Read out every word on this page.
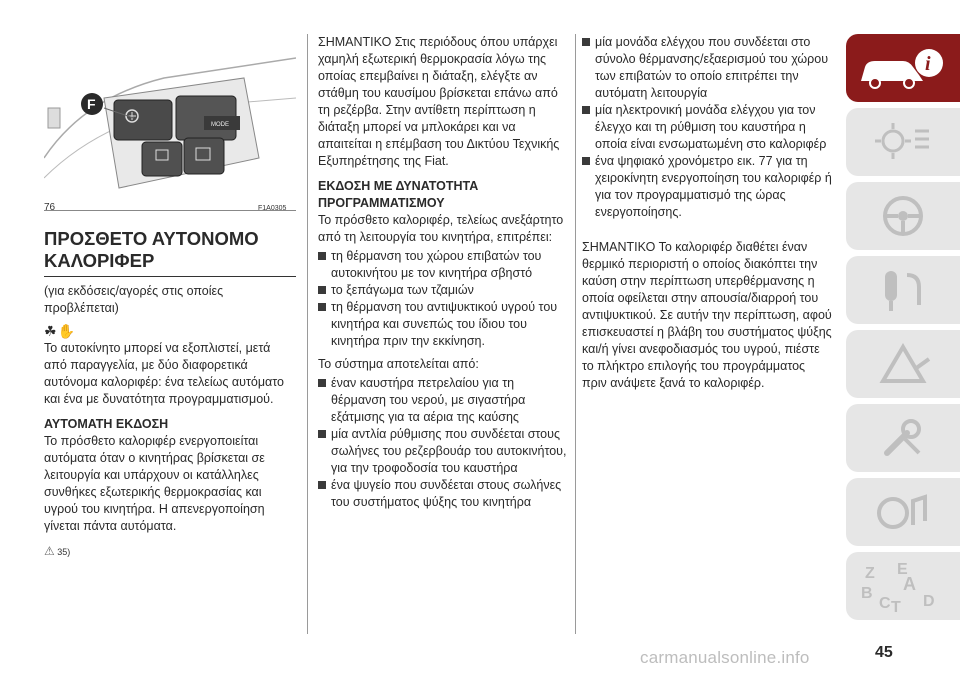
MODE
F
76	F1A0305
ΠΡΟΣΘΕΤΟ ΑΥΤΟΝΟΜΟ
ΚΑΛΟΡΙΦΕΡ

(για εκδόσεις/αγορές στις οποίες προβλέπεται)

☘✋

Το αυτοκίνητο μπορεί να εξοπλιστεί, μετά από παραγγελία, με δύο διαφορετικά αυτόνομα καλοριφέρ: ένα τελείως αυτόματο και ένα με δυνατότητα προγραμματισμού.

ΑΥΤΟΜΑΤΗ ΕΚΔΟΣΗ

Το πρόσθετο καλοριφέρ ενεργοποιείται αυτόματα όταν ο κινητήρας βρίσκεται σε λειτουργία και υπάρχουν οι κατάλληλες συνθήκες εξωτερικής θερμοκρασίας και υγρού του κινητήρα. Η απενεργοποίηση γίνεται πάντα αυτόματα.

⚠ 35)

ΣΗΜΑΝΤΙΚΟ Στις περιόδους όπου υπάρχει χαμηλή εξωτερική θερμοκρασία λόγω της οποίας επεμβαίνει η διάταξη, ελέγξτε αν στάθμη του καυσίμου βρίσκεται επάνω από τη ρεζέρβα. Στην αντίθετη περίπτωση η διάταξη μπορεί να μπλοκάρει και να απαιτείται η επέμβαση του Δικτύου Τεχνικής Εξυπηρέτησης της Fiat.

ΕΚΔΟΣΗ ΜΕ ΔΥΝΑΤΟΤΗΤΑ ΠΡΟΓΡΑΜΜΑΤΙΣΜΟΥ

Το πρόσθετο καλοριφέρ, τελείως ανεξάρτητο από τη λειτουργία του κινητήρα, επιτρέπει:

τη θέρμανση του χώρου επιβατών του αυτοκινήτου με τον κινητήρα σβηστό
το ξεπάγωμα των τζαμιών
τη θέρμανση του αντιψυκτικού υγρού του κινητήρα και συνεπώς του ίδιου του κινητήρα πριν την εκκίνηση.

Το σύστημα αποτελείται από:

έναν καυστήρα πετρελαίου για τη θέρμανση του νερού, με σιγαστήρα εξάτμισης για τα αέρια της καύσης
μία αντλία ρύθμισης που συνδέεται στους σωλήνες του ρεζερβουάρ του αυτοκινήτου, για την τροφοδοσία του καυστήρα
ένα ψυγείο που συνδέεται στους σωλήνες του συστήματος ψύξης του κινητήρα
μία μονάδα ελέγχου που συνδέεται στο σύνολο θέρμανσης/εξαερισμού του χώρου των επιβατών το οποίο επιτρέπει την αυτόματη λειτουργία
μία ηλεκτρονική μονάδα ελέγχου για τον έλεγχο και τη ρύθμιση του καυστήρα η οποία είναι ενσωματωμένη στο καλοριφέρ
ένα ψηφιακό χρονόμετρο εικ. 77 για τη χειροκίνητη ενεργοποίηση του καλοριφέρ ή για τον προγραμματισμό της ώρας ενεργοποίησης.

ΣΗΜΑΝΤΙΚΟ Το καλοριφέρ διαθέτει έναν θερμικό περιοριστή ο οποίος διακόπτει την καύση στην περίπτωση υπερθέρμανσης η οποία οφείλεται στην απουσία/διαρροή του αντιψυκτικού. Σε αυτήν την περίπτωση, αφού επισκευαστεί η βλάβη του συστήματος ψύξης και/ή γίνει ανεφοδιασμός του υγρού, πιέστε το πλήκτρο επιλογής του προγράμματος πριν ανάψετε ξανά το καλοριφέρ.

i
Z E
A
B
C T D
carmanualsonline.info	45
